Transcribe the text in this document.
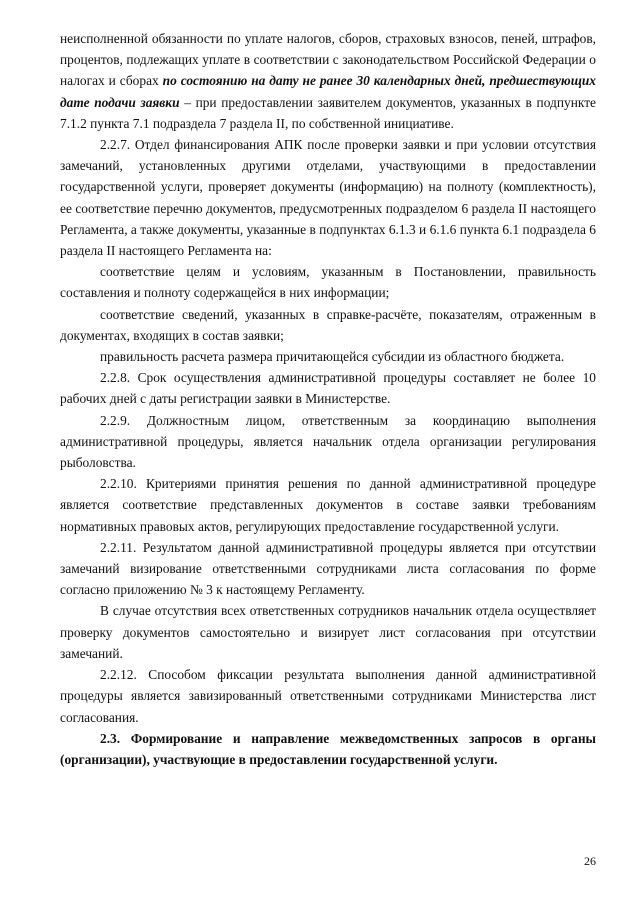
неисполненной обязанности по уплате налогов, сборов, страховых взносов, пеней, штрафов, процентов, подлежащих уплате в соответствии с законодательством Российской Федерации о налогах и сборах по состоянию на дату не ранее 30 календарных дней, предшествующих дате подачи заявки – при предоставлении заявителем документов, указанных в подпункте 7.1.2 пункта 7.1 подраздела 7 раздела II, по собственной инициативе.

2.2.7. Отдел финансирования АПК после проверки заявки и при условии отсутствия замечаний, установленных другими отделами, участвующими в предоставлении государственной услуги, проверяет документы (информацию) на полноту (комплектность), ее соответствие перечню документов, предусмотренных подразделом 6 раздела II настоящего Регламента, а также документы, указанные в подпунктах 6.1.3 и 6.1.6 пункта 6.1 подраздела 6 раздела II настоящего Регламента на:

соответствие целям и условиям, указанным в Постановлении, правильность составления и полноту содержащейся в них информации;

соответствие сведений, указанных в справке-расчёте, показателям, отраженным в документах, входящих в состав заявки;

правильность расчета размера причитающейся субсидии из областного бюджета.

2.2.8. Срок осуществления административной процедуры составляет не более 10 рабочих дней с даты регистрации заявки в Министерстве.

2.2.9. Должностным лицом, ответственным за координацию выполнения административной процедуры, является начальник отдела организации регулирования рыболовства.

2.2.10. Критериями принятия решения по данной административной процедуре является соответствие представленных документов в составе заявки требованиям нормативных правовых актов, регулирующих предоставление государственной услуги.

2.2.11. Результатом данной административной процедуры является при отсутствии замечаний визирование ответственными сотрудниками листа согласования по форме согласно приложению № 3 к настоящему Регламенту.

В случае отсутствия всех ответственных сотрудников начальник отдела осуществляет проверку документов самостоятельно и визирует лист согласования при отсутствии замечаний.

2.2.12. Способом фиксации результата выполнения данной административной процедуры является завизированный ответственными сотрудниками Министерства лист согласования.

2.3. Формирование и направление межведомственных запросов в органы (организации), участвующие в предоставлении государственной услуги.

26
